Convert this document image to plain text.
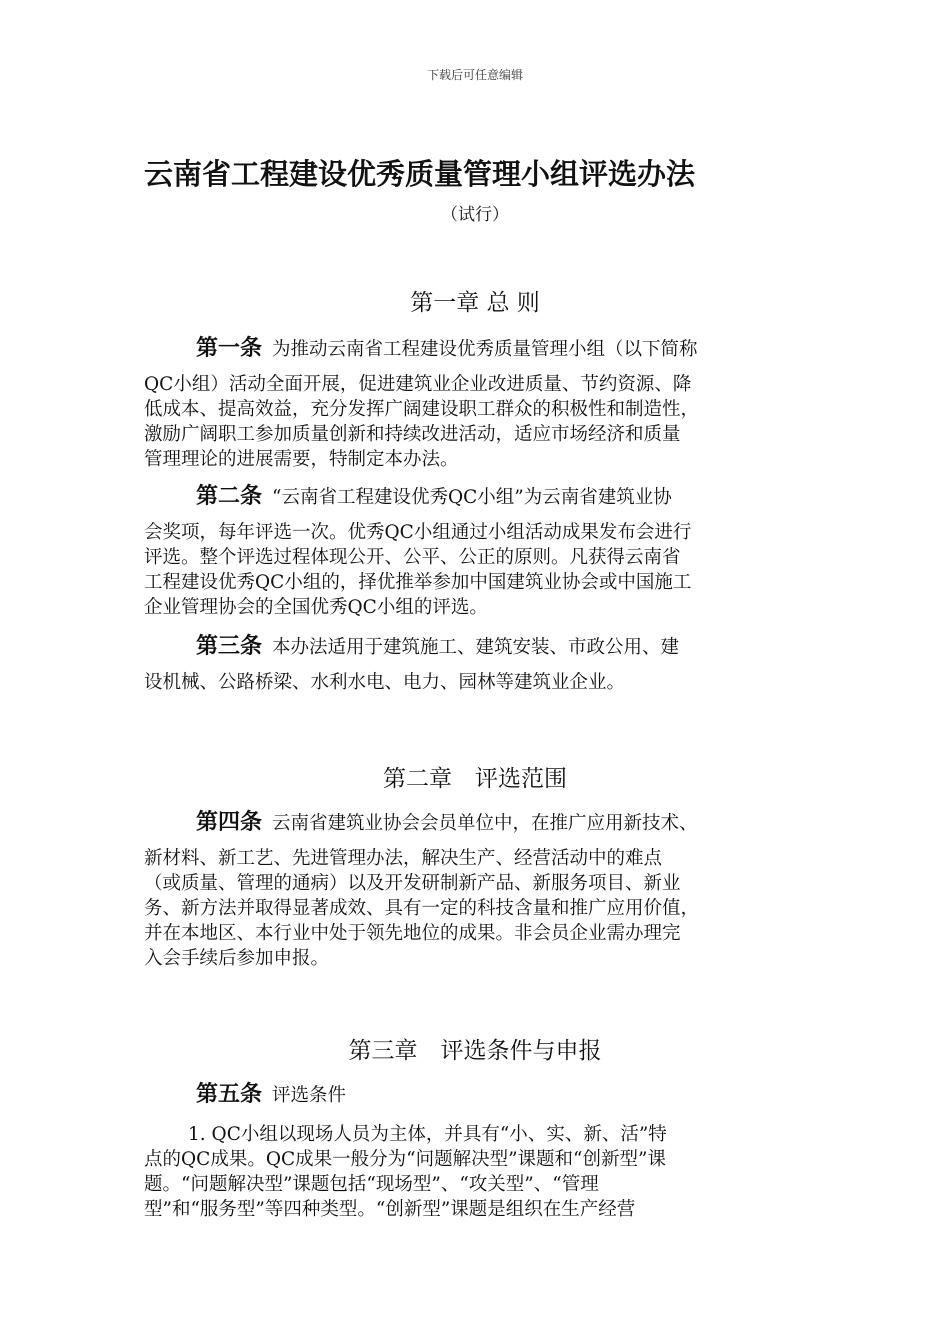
下载后可任意编辑
云南省工程建设优秀质量管理小组评选办法
（试行）
第一章 总 则
第一条 为推动云南省工程建设优秀质量管理小组（以下简称
QC小组）活动全面开展，促进建筑业企业改进质量、节约资源、降
低成本、提高效益，充分发挥广阔建设职工群众的积极性和制造性，
激励广阔职工参加质量创新和持续改进活动，适应市场经济和质量
管理理论的进展需要，特制定本办法。
第二条 “云南省工程建设优秀QC小组”为云南省建筑业协
会奖项，每年评选一次。优秀QC小组通过小组活动成果发布会进行
评选。整个评选过程体现公开、公平、公正的原则。凡获得云南省
工程建设优秀QC小组的，择优推举参加中国建筑业协会或中国施工
企业管理协会的全国优秀QC小组的评选。
第三条 本办法适用于建筑施工、建筑安装、市政公用、建
设机械、公路桥梁、水利水电、电力、园林等建筑业企业。
第二章　评选范围
第四条 云南省建筑业协会会员单位中，在推广应用新技术、
新材料、新工艺、先进管理办法，解决生产、经营活动中的难点
（或质量、管理的通病）以及开发研制新产品、新服务项目、新业
务、新方法并取得显著成效、具有一定的科技含量和推广应用价值，
并在本地区、本行业中处于领先地位的成果。非会员企业需办理完
入会手续后参加申报。
第三章　评选条件与申报
第五条 评选条件
1. QC小组以现场人员为主体，并具有“小、实、新、活”特
点的QC成果。QC成果一般分为“问题解决型”课题和“创新型”课
题。“问题解决型”课题包括“现场型”、“攻关型”、“管理
型”和“服务型”等四种类型。“创新型”课题是组织在生产经营
